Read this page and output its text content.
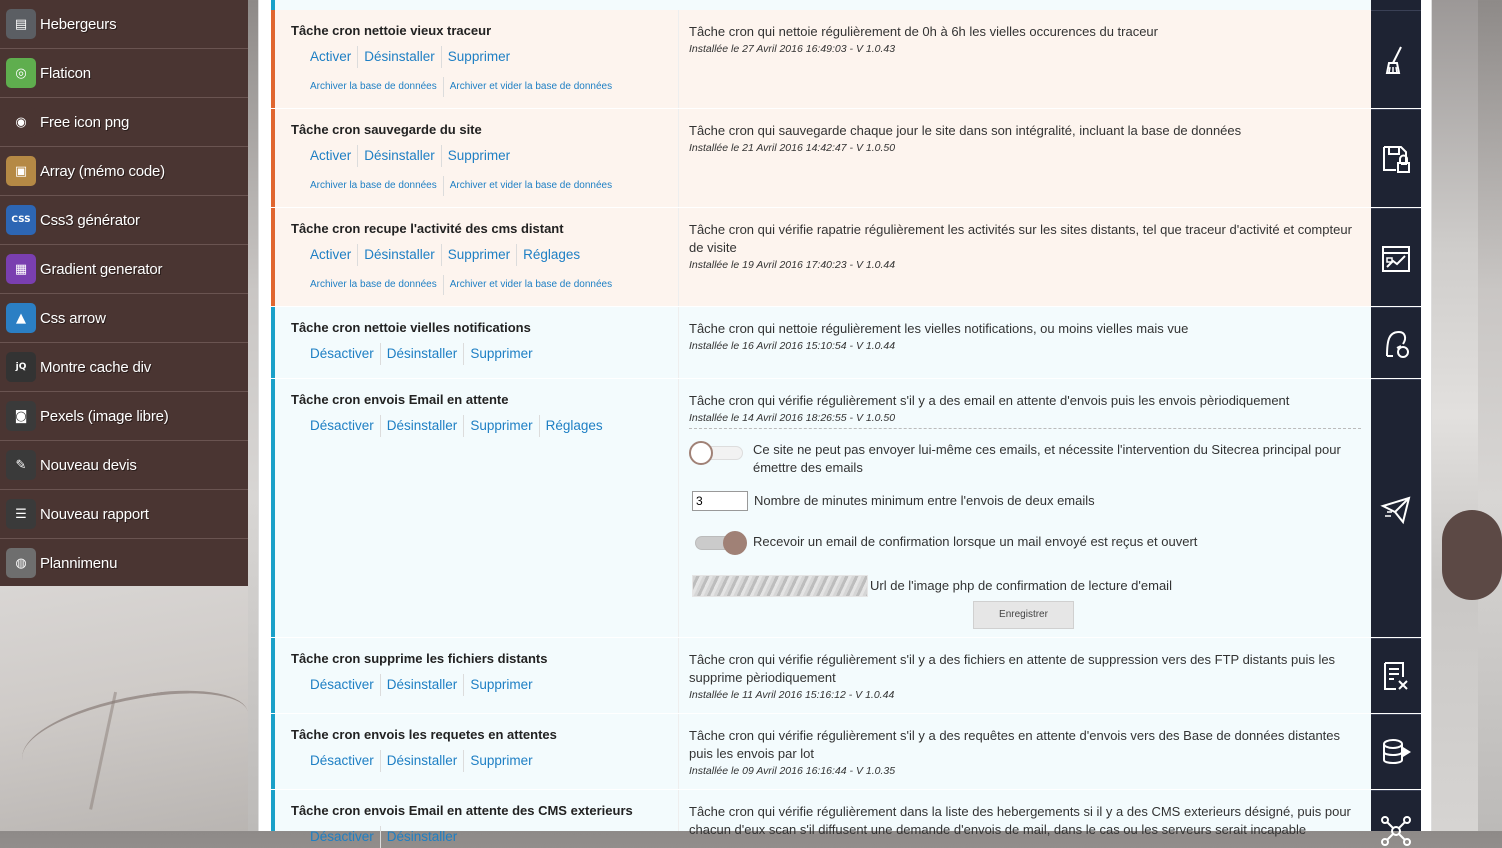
▤ Hebergeurs
◎ Flaticon
◉ Free icon png
▣ Array (mémo code)
CSS Css3 générator
▦ Gradient generator
▲ Css arrow
jQ Montre cache div
◙ Pexels (image libre)
✎ Nouveau devis
☰ Nouveau rapport
◍ Plannimenu
Tâche cron nettoie vieux traceur
Activer Désinstaller Supprimer
Archiver la base de données	Archiver et vider la base de données
Tâche cron qui nettoie régulièrement de 0h à 6h les vielles occurences du traceur
Installée le 27 Avril 2016 16:49:03 - V 1.0.43
Tâche cron sauvegarde du site
Activer Désinstaller Supprimer
Archiver la base de données	Archiver et vider la base de données
Tâche cron qui sauvegarde chaque jour le site dans son intégralité, incluant la base de données
Installée le 21 Avril 2016 14:42:47 - V 1.0.50
Tâche cron recupe l'activité des cms distant
Activer Désinstaller Supprimer Réglages
Archiver la base de données	Archiver et vider la base de données
Tâche cron qui vérifie rapatrie régulièrement les activités sur les sites distants, tel que traceur d'activité et compteur de visite
Installée le 19 Avril 2016 17:40:23 - V 1.0.44
Tâche cron nettoie vielles notifications
Désactiver Désinstaller Supprimer
Tâche cron qui nettoie régulièrement les vielles notifications, ou moins vielles mais vue
Installée le 16 Avril 2016 15:10:54 - V 1.0.44
Tâche cron envois Email en attente
Désactiver Désinstaller Supprimer Réglages
Tâche cron qui vérifie régulièrement s'il y a des email en attente d'envois puis les envois pèriodiquement
Installée le 14 Avril 2016 18:26:55 - V 1.0.50
Ce site ne peut pas envoyer lui-même ces emails, et nécessite l'intervention du Sitecrea principal pour émettre des emails
3
Nombre de minutes minimum entre l'envois de deux emails
Recevoir un email de confirmation lorsque un mail envoyé est reçus et ouvert
Url de l'image php de confirmation de lecture d'email
Enregistrer
Tâche cron supprime les fichiers distants
Désactiver Désinstaller Supprimer
Tâche cron qui vérifie régulièrement s'il y a des fichiers en attente de suppression vers des FTP distants puis les supprime pèriodiquement
Installée le 11 Avril 2016 15:16:12 - V 1.0.44
Tâche cron envois les requetes en attentes
Désactiver Désinstaller Supprimer
Tâche cron qui vérifie régulièrement s'il y a des requêtes en attente d'envois vers des Base de données distantes puis les envois par lot
Installée le 09 Avril 2016 16:16:44 - V 1.0.35
Tâche cron envois Email en attente des CMS exterieurs
Désactiver Désinstaller
Tâche cron qui vérifie régulièrement dans la liste des hebergements si il y a des CMS exterieurs désigné, puis pour chacun d'eux scan s'il diffusent une demande d'envois de mail, dans le cas ou les serveurs serait incapable
